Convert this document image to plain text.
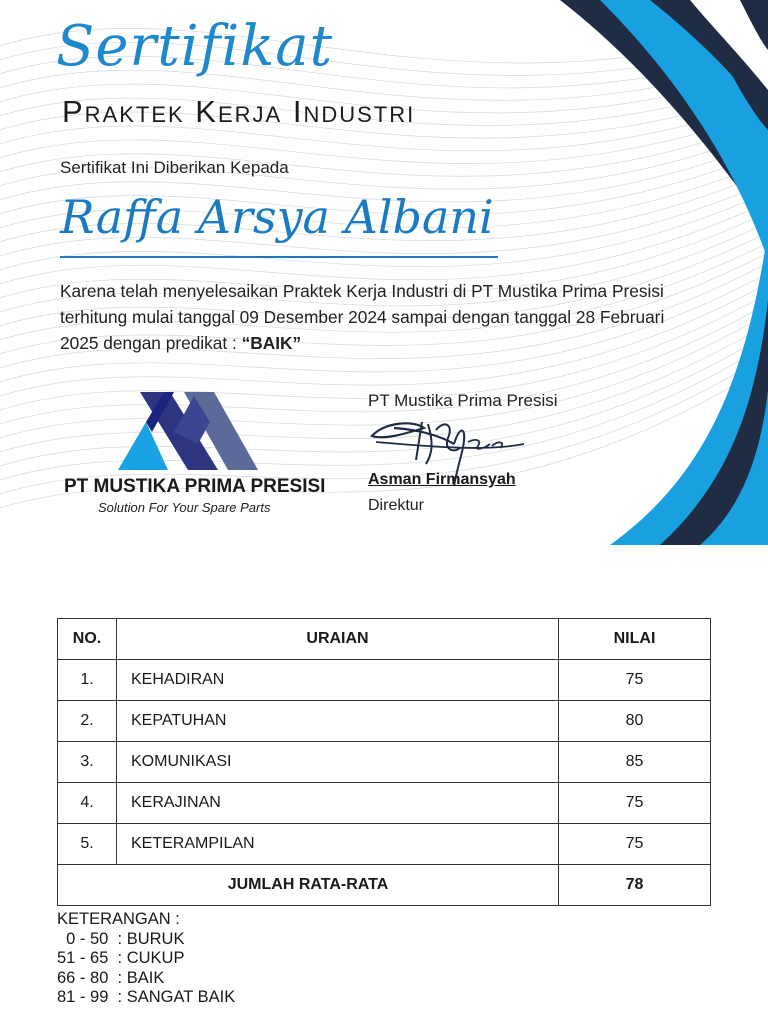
Sertifikat
Praktek Kerja Industri
Sertifikat Ini Diberikan Kepada
Raffa Arsya Albani
Karena telah menyelesaikan Praktek Kerja Industri di PT Mustika Prima Presisi terhitung mulai tanggal 09 Desember 2024 sampai dengan tanggal 28 Februari 2025 dengan predikat : “BAIK”
PT MUSTIKA PRIMA PRESISI
Solution For Your Spare Parts
PT Mustika Prima Presisi
Asman Firmansyah
Direktur
NO.	URAIAN	NILAI
1.	KEHADIRAN	75
2.	KEPATUHAN	80
3.	KOMUNIKASI	85
4.	KERAJINAN	75
5.	KETERAMPILAN	75
JUMLAH RATA-RATA		78
KETERANGAN :
0 - 50  : BURUK
51 - 65  : CUKUP
66 - 80  : BAIK
81 - 99  : SANGAT BAIK
